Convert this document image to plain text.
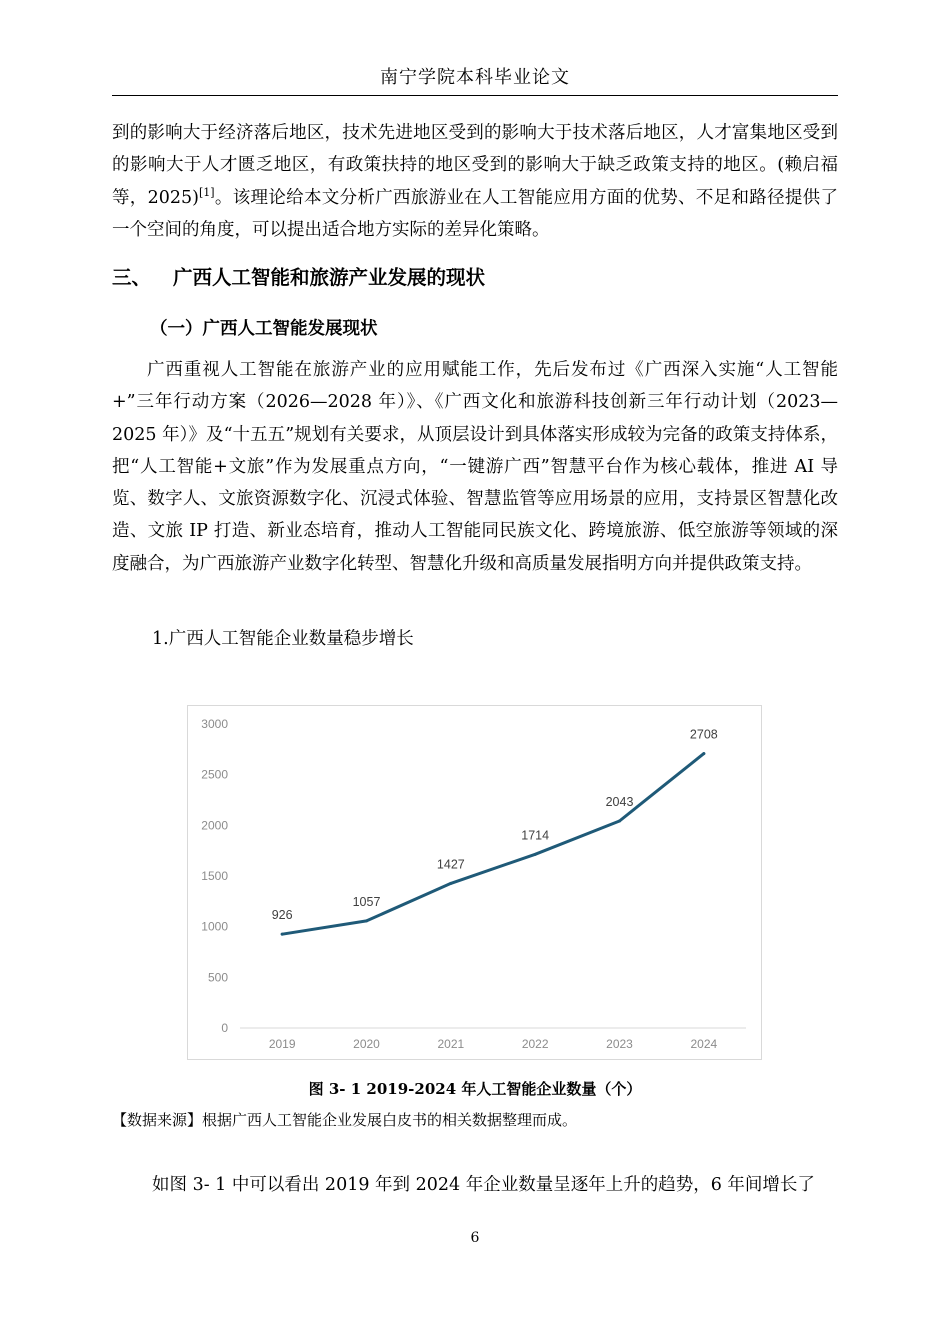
南宁学院本科毕业论文

到的影响大于经济落后地区，技术先进地区受到的影响大于技术落后地区，人才富集地区受到的影响大于人才匮乏地区，有政策扶持的地区受到的影响大于缺乏政策支持的地区。(赖启福等，2025)[1]。该理论给本文分析广西旅游业在人工智能应用方面的优势、不足和路径提供了一个空间的角度，可以提出适合地方实际的差异化策略。

三、 广西人工智能和旅游产业发展的现状
（一）广西人工智能发展现状

广西重视人工智能在旅游产业的应用赋能工作，先后发布过《广西深入实施“人工智能+”三年行动方案（2026—2028 年）》、《广西文化和旅游科技创新三年行动计划（2023—2025 年）》及“十五五”规划有关要求，从顶层设计到具体落实形成较为完备的政策支持体系，把“人工智能+文旅”作为发展重点方向，“一键游广西”智慧平台作为核心载体，推进 AI 导览、数字人、文旅资源数字化、沉浸式体验、智慧监管等应用场景的应用，支持景区智慧化改造、文旅 IP 打造、新业态培育，推动人工智能同民族文化、跨境旅游、低空旅游等领域的深度融合，为广西旅游产业数字化转型、智慧化升级和高质量发展指明方向并提供政策支持。

1.广西人工智能企业数量稳步增长

0
500
1000
1500
2000
2500
3000
2019	2020	2021	2022	2023	2024
926
1057
1427
1714
2043
2708

图 3- 1 2019-2024 年人工智能企业数量（个）

【数据来源】根据广西人工智能企业发展白皮书的相关数据整理而成。

如图 3- 1 中可以看出 2019 年到 2024 年企业数量呈逐年上升的趋势，6 年间增长了

6
